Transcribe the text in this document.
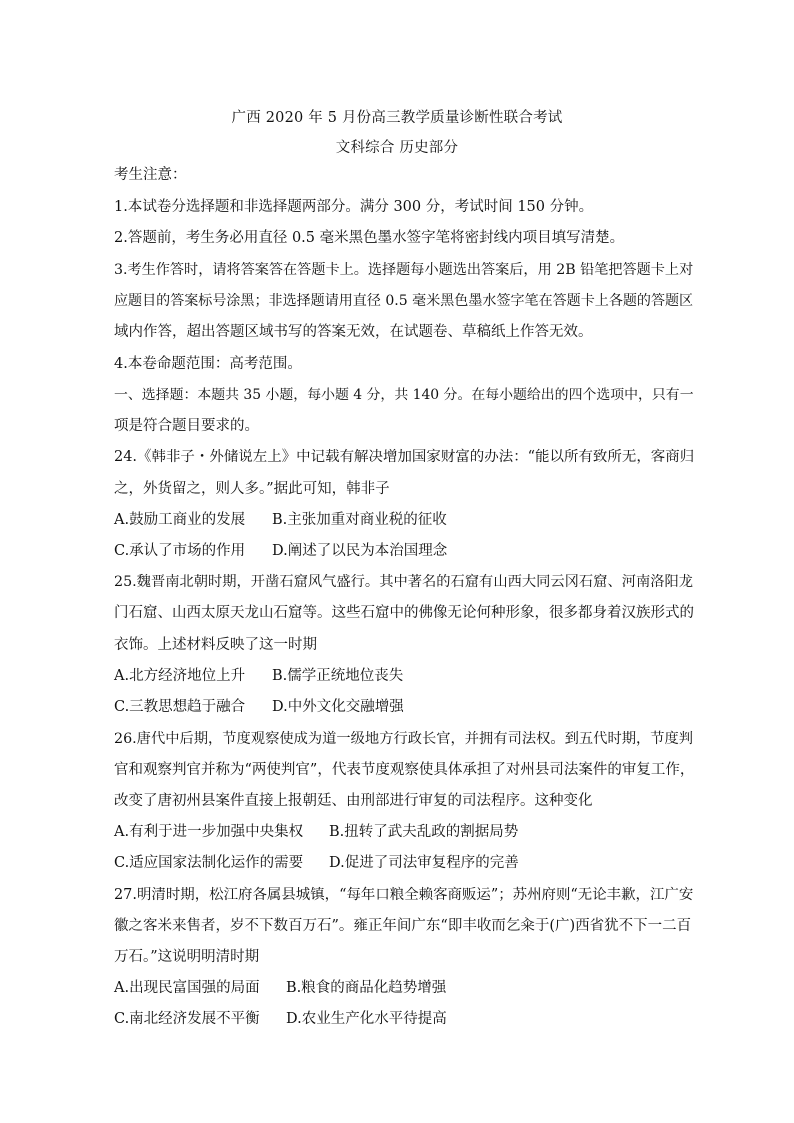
广西 2020 年 5 月份高三教学质量诊断性联合考试
文科综合 历史部分
考生注意：
1.本试卷分选择题和非选择题两部分。满分 300 分，考试时间 150 分钟。
2.答题前，考生务必用直径 0.5 毫米黑色墨水签字笔将密封线内项目填写清楚。
3.考生作答时，请将答案答在答题卡上。选择题每小题选出答案后，用 2B 铅笔把答题卡上对
应题目的答案标号涂黑；非选择题请用直径 0.5 毫米黑色墨水签字笔在答题卡上各题的答题区
域内作答，超出答题区域书写的答案无效，在试题卷、草稿纸上作答无效。
4.本卷命题范围：高考范围。
一、选择题：本题共 35 小题，每小题 4 分，共 140 分。在每小题给出的四个选项中，只有一
项是符合题目要求的。
24.《韩非子・外储说左上》中记载有解决增加国家财富的办法：“能以所有致所无，客商归
之，外货留之，则人多。”据此可知，韩非子
A.鼓励工商业的发展 B.主张加重对商业税的征收
C.承认了市场的作用 D.阐述了以民为本治国理念
25.魏晋南北朝时期，开凿石窟风气盛行。其中著名的石窟有山西大同云冈石窟、河南洛阳龙
门石窟、山西太原天龙山石窟等。这些石窟中的佛像无论何种形象，很多都身着汉族形式的
衣饰。上述材料反映了这一时期
A.北方经济地位上升 B.儒学正统地位丧失
C.三教思想趋于融合 D.中外文化交融增强
26.唐代中后期，节度观察使成为道一级地方行政长官，并拥有司法权。到五代时期，节度判
官和观察判官并称为“两使判官”，代表节度观察使具体承担了对州县司法案件的审复工作，
改变了唐初州县案件直接上报朝廷、由刑部进行审复的司法程序。这种变化
A.有利于进一步加强中央集权 B.扭转了武夫乱政的割据局势
C.适应国家法制化运作的需要 D.促进了司法审复程序的完善
27.明清时期，松江府各属县城镇，“每年口粮全赖客商贩运”；苏州府则“无论丰歉，江广安
徽之客米来售者，岁不下数百万石”。雍正年间广东“即丰收而乞籴于(广)西省犹不下一二百
万石。”这说明明清时期
A.出现民富国强的局面 B.粮食的商品化趋势增强
C.南北经济发展不平衡 D.农业生产化水平待提高
